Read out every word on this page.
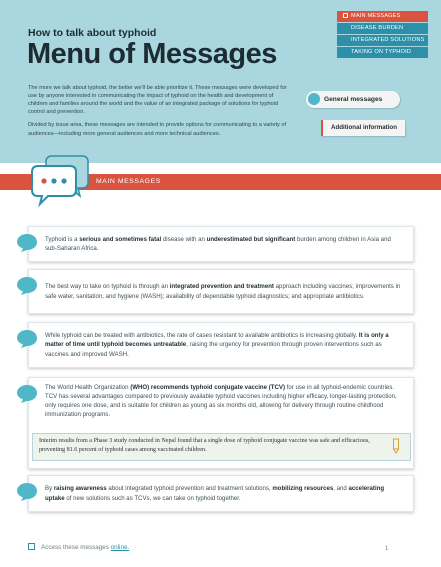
How to talk about typhoid
Menu of Messages

The more we talk about typhoid, the better we'll be able prioritize it. These messages were developed for use by anyone interested in communicating the impact of typhoid on the health and development of children and families around the world and the value of an integrated package of solutions for typhoid control and prevention.

Divided by issue area, these messages are intended to provide options for communicating to a variety of audiences—including more general audiences and more technical audiences.

MAIN MESSAGES
DISEASE BURDEN
INTEGRATED SOLUTIONS
TAKING ON TYPHOID
General messages
Additional information
MAIN MESSAGES
Typhoid is a serious and sometimes fatal disease with an underestimated but significant burden among children in Asia and sub-Saharan Africa.
The best way to take on typhoid is through an integrated prevention and treatment approach including vaccines; improvements in safe water, sanitation, and hygiene (WASH); availability of dependable typhoid diagnostics; and appropriate antibiotics.
While typhoid can be treated with antibiotics, the rate of cases resistant to available antibiotics is increasing globally. It is only a matter of time until typhoid becomes untreatable, raising the urgency for prevention through proven interventions such as vaccines and improved WASH.
The World Health Organization (WHO) recommends typhoid conjugate vaccine (TCV) for use in all typhoid-endemic countries. TCV has several advantages compared to previously available typhoid vaccines including higher efficacy, longer-lasting protection, only requires one dose, and is suitable for children as young as six months old, allowing for delivery through routine childhood immunization programs.
Interim results from a Phase 3 study conducted in Nepal found that a single dose of typhoid conjugate vaccine was safe and efficacious, preventing 81.6 percent of typhoid cases among vaccinated children.
By raising awareness about integrated typhoid prevention and treatment solutions, mobilizing resources, and accelerating uptake of new solutions such as TCVs, we can take on typhoid together.
Access these messages online.	1
